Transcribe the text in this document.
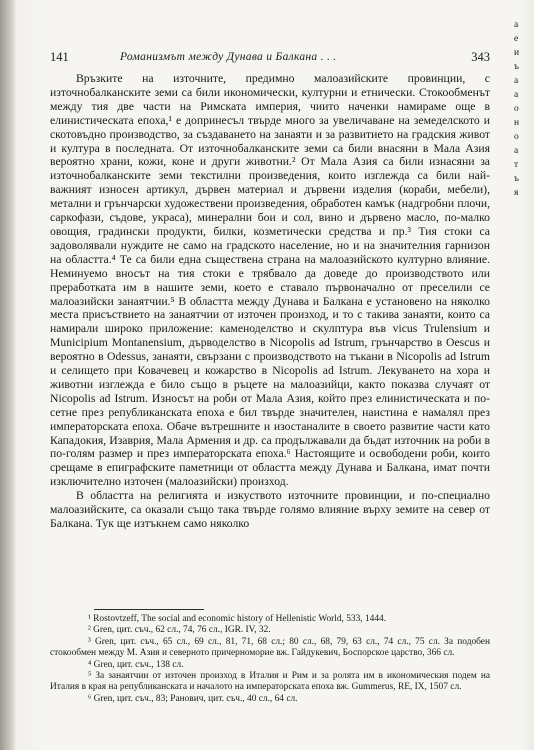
141	Романизмът между Дунава и Балкана . . .	343

Връзките на източните, предимно малоазийските провинции, с източнобалканските земи са били икономически, културни и етнически. Стокообменът между тия две части на Римската империя, чиито наченки намираме още в елинистическата епоха,¹ е допринесъл твърде много за увеличаване на земеделското и скотовъдно производство, за създаването на занаяти и за развитието на градския живот и култура в последната. От източнобалканските земи са били внасяни в Мала Азия вероятно храни, кожи, коне и други животни.² От Мала Азия са били изнасяни за източнобалканските земи текстилни произведения, които изглежда са били най-важният износен артикул, дървен материал и дървени изделия (кораби, мебели), метални и грънчарски художествени произведения, обработен камък (надгробни плочи, саркофази, съдове, украса), минерални бои и сол, вино и дървено масло, по-малко овощия, градински продукти, билки, козметически средства и пр.³ Тия стоки са задоволявали нуждите не само на градското население, но и на значителния гарнизон на областта.⁴ Те са били една съществена страна на малоазийското културно влияние. Неминуемо вносът на тия стоки е трябвало да доведе до производството или преработката им в нашите земи, което е ставало първоначално от преселили се малоазийски занаятчии.⁵ В областта между Дунава и Балкана е установено на няколко места присъствието на занаятчии от източен произход, и то с такива занаяти, които са намирали широко приложение: каменоделство и скулптура във vicus Trulensium и Municipium Montanensium, дърводелство в Nicopolis ad Istrum, грънчарство в Oescus и вероятно в Odessus, занаяти, свързани с производството на тъкани в Nicopolis ad Istrum и селището при Ковачевец и кожарство в Nicopolis ad Istrum. Лекуването на хора и животни изглежда е било също в ръцете на малоазийци, както показва случаят от Nicopolis ad Istrum. Износът на роби от Мала Азия, който през елинистическата и по-сетне през републиканската епоха е бил твърде значителен, наистина е намалял през императорската епоха. Обаче вътрешните и изостаналите в своето развитие части като Кападокия, Изаврия, Мала Армения и др. са продължавали да бъдат източник на роби в по-голям размер и през императорската епоха.⁶ Настоящите и освободени роби, които срещаме в епиграфските паметници от областта между Дунава и Балкана, имат почти изключително източен (малоазийски) произход.

В областта на религията и изкуството източните провинции, и по-специално малоазийските, са оказали също така твърде голямо влияние върху земите на север от Балкана. Тук ще изтъкнем само няколко

¹ Rostovtzeff, The social and economic history of Hellenistic World, 533, 1444.

² Gren, цит. съч., 62 сл., 74, 76 сл., IGR. IV, 32.

³ Gren, цит. съч., 65 сл., 69 сл., 81, 71, 68 сл.; 80 сл., 68, 79, 63 сл., 74 сл., 75 сл. За подобен стокообмен между М. Азия и северното причерноморие вж. Гайдукевич, Боспорское царство, 366 сл.

⁴ Gren, цит. съч., 138 сл.

⁵ За занаятчии от източен произход в Италия и Рим и за ролята им в икономическия подем на Италия в края на републиканската и началото на императорската епоха вж. Gummerus, RE, IX, 1507 сл.

⁶ Gren, цит. съч., 83; Ранович, цит. съч., 40 сл., 64 сл.

а
е
и
ъ
а
а
о
н
о
а
т
ъ
я
